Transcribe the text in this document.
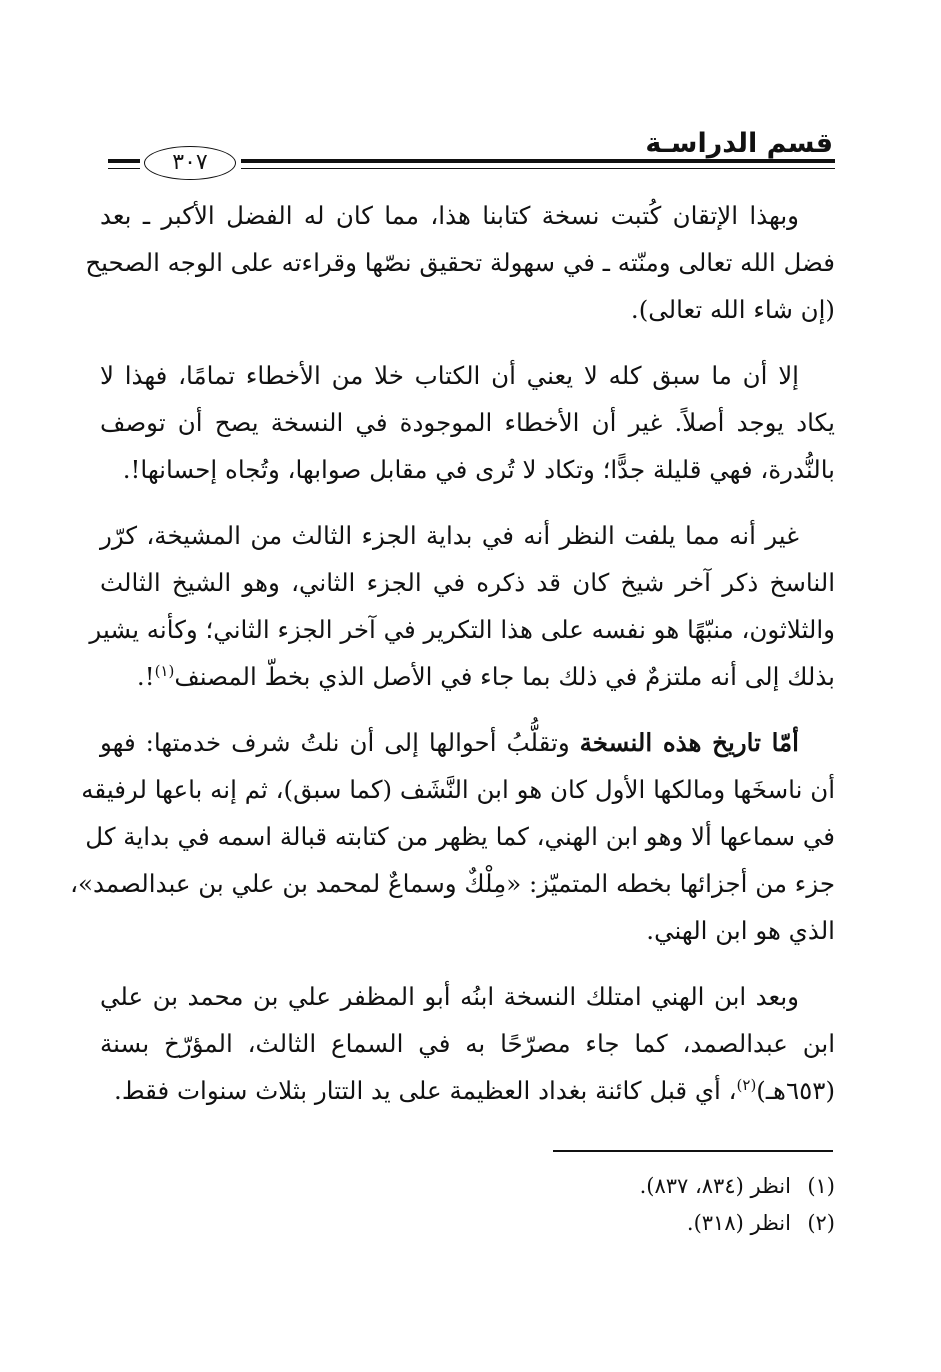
قسم الدراسـة
٣٠٧

وبهذا الإتقان كُتبت نسخة كتابنا هذا، مما كان له الفضل الأكبر ـ بعد
فضل الله تعالى ومنّته ـ في سهولة تحقيق نصّها وقراءته على الوجه الصحيح
(إن شاء الله تعالى).

إلا أن ما سبق كله لا يعني أن الكتاب خلا من الأخطاء تمامًا، فهذا لا
يكاد يوجد أصلاً. غير أن الأخطاء الموجودة في النسخة يصح أن توصف
بالنُّدرة، فهي قليلة جدًّا؛ وتكاد لا تُرى في مقابل صوابها، وتُجاه إحسانها!.

غير أنه مما يلفت النظر أنه في بداية الجزء الثالث من المشيخة، كرّر
الناسخ ذكر آخر شيخ كان قد ذكره في الجزء الثاني، وهو الشيخ الثالث
والثلاثون، منبّهًا هو نفسه على هذا التكرير في آخر الجزء الثاني؛ وكأنه يشير
بذلك إلى أنه ملتزمٌ في ذلك بما جاء في الأصل الذي بخطّ المصنف$^{(١)}$!.

أمّا تاريخ هذه النسخة وتقلُّبُ أحوالها إلى أن نلتُ شرف خدمتها: فهو
أن ناسخَها ومالكها الأول كان هو ابن النَّشَف (كما سبق)، ثم إنه باعها لرفيقه
في سماعها ألا وهو ابن الهني، كما يظهر من كتابته قبالة اسمه في بداية كل
جزء من أجزائها بخطه المتميّز: «مِلْكٌ وسماعٌ لمحمد بن علي بن عبدالصمد»،
الذي هو ابن الهني.

وبعد ابن الهني امتلك النسخة ابنُه أبو المظفر علي بن محمد بن علي
ابن عبدالصمد، كما جاء مصرّحًا به في السماع الثالث، المؤرّخ بسنة
(٦٥٣هـ)$^{(٢)}$، أي قبل كائنة بغداد العظيمة على يد التتار بثلاث سنوات فقط.

(١)انظر (٨٣٤، ٨٣٧).
(٢)انظر (٣١٨).
